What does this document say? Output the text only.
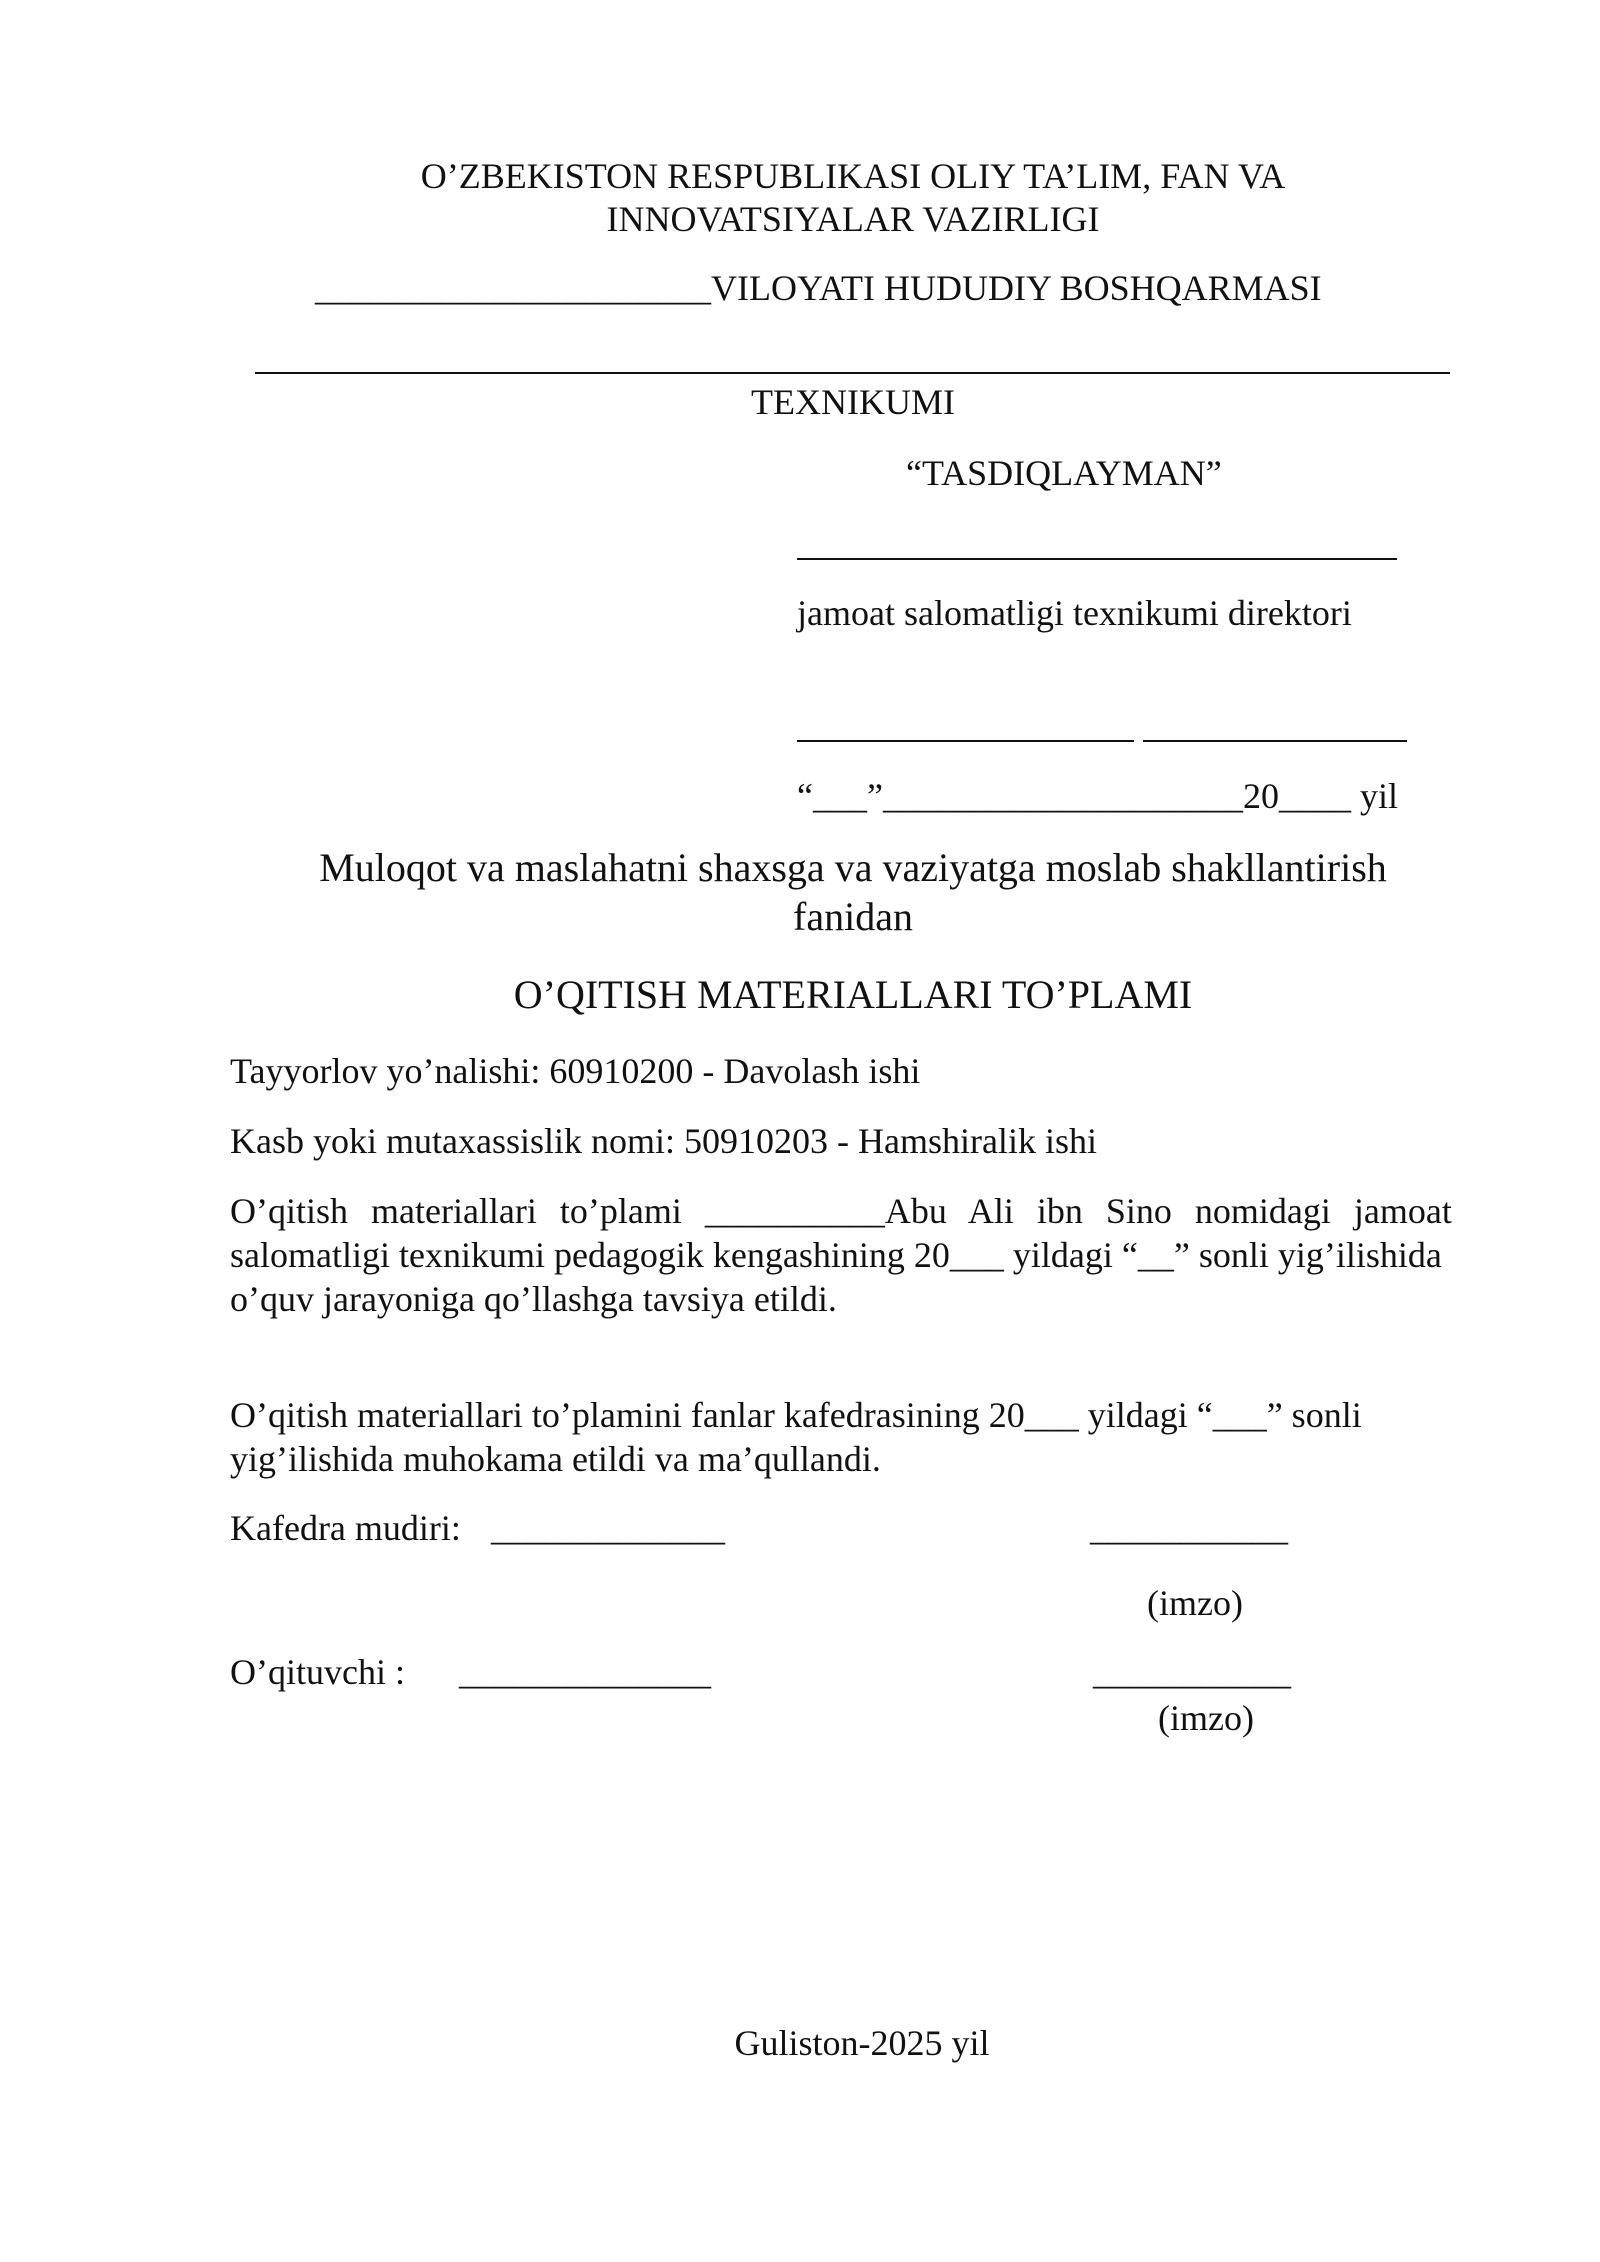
O’ZBEKISTON RESPUBLIKASI OLIY TA’LIM, FAN VA
INNOVATSIYALAR VAZIRLIGI
______________________VILOYATI HUDUDIY BOSHQARMASI
TEXNIKUMI
“TASDIQLAYMAN”
jamoat salomatligi texnikumi direktori
“___”____________________20____ yil
Muloqot va maslahatni shaxsga va vaziyatga moslab shakllantirish
fanidan
O’QITISH MATERIALLARI TO’PLAMI
Tayyorlov yo’nalishi: 60910200 - Davolash ishi
Kasb yoki mutaxassislik nomi: 50910203 - Hamshiralik ishi
O’qitish materiallari to’plami __________Abu Ali ibn Sino nomidagi jamoat
salomatligi texnikumi pedagogik kengashining 20___ yildagi “__” sonli yig’ilishida
o’quv jarayoniga qo’llashga tavsiya etildi.
O’qitish materiallari to’plamini fanlar kafedrasining 20___ yildagi “___” sonli
yig’ilishida muhokama etildi va ma’qullandi.
Kafedra mudiri: _____________	___________
(imzo)
O’qituvchi : ______________	___________
(imzo)
Guliston-2025 yil
